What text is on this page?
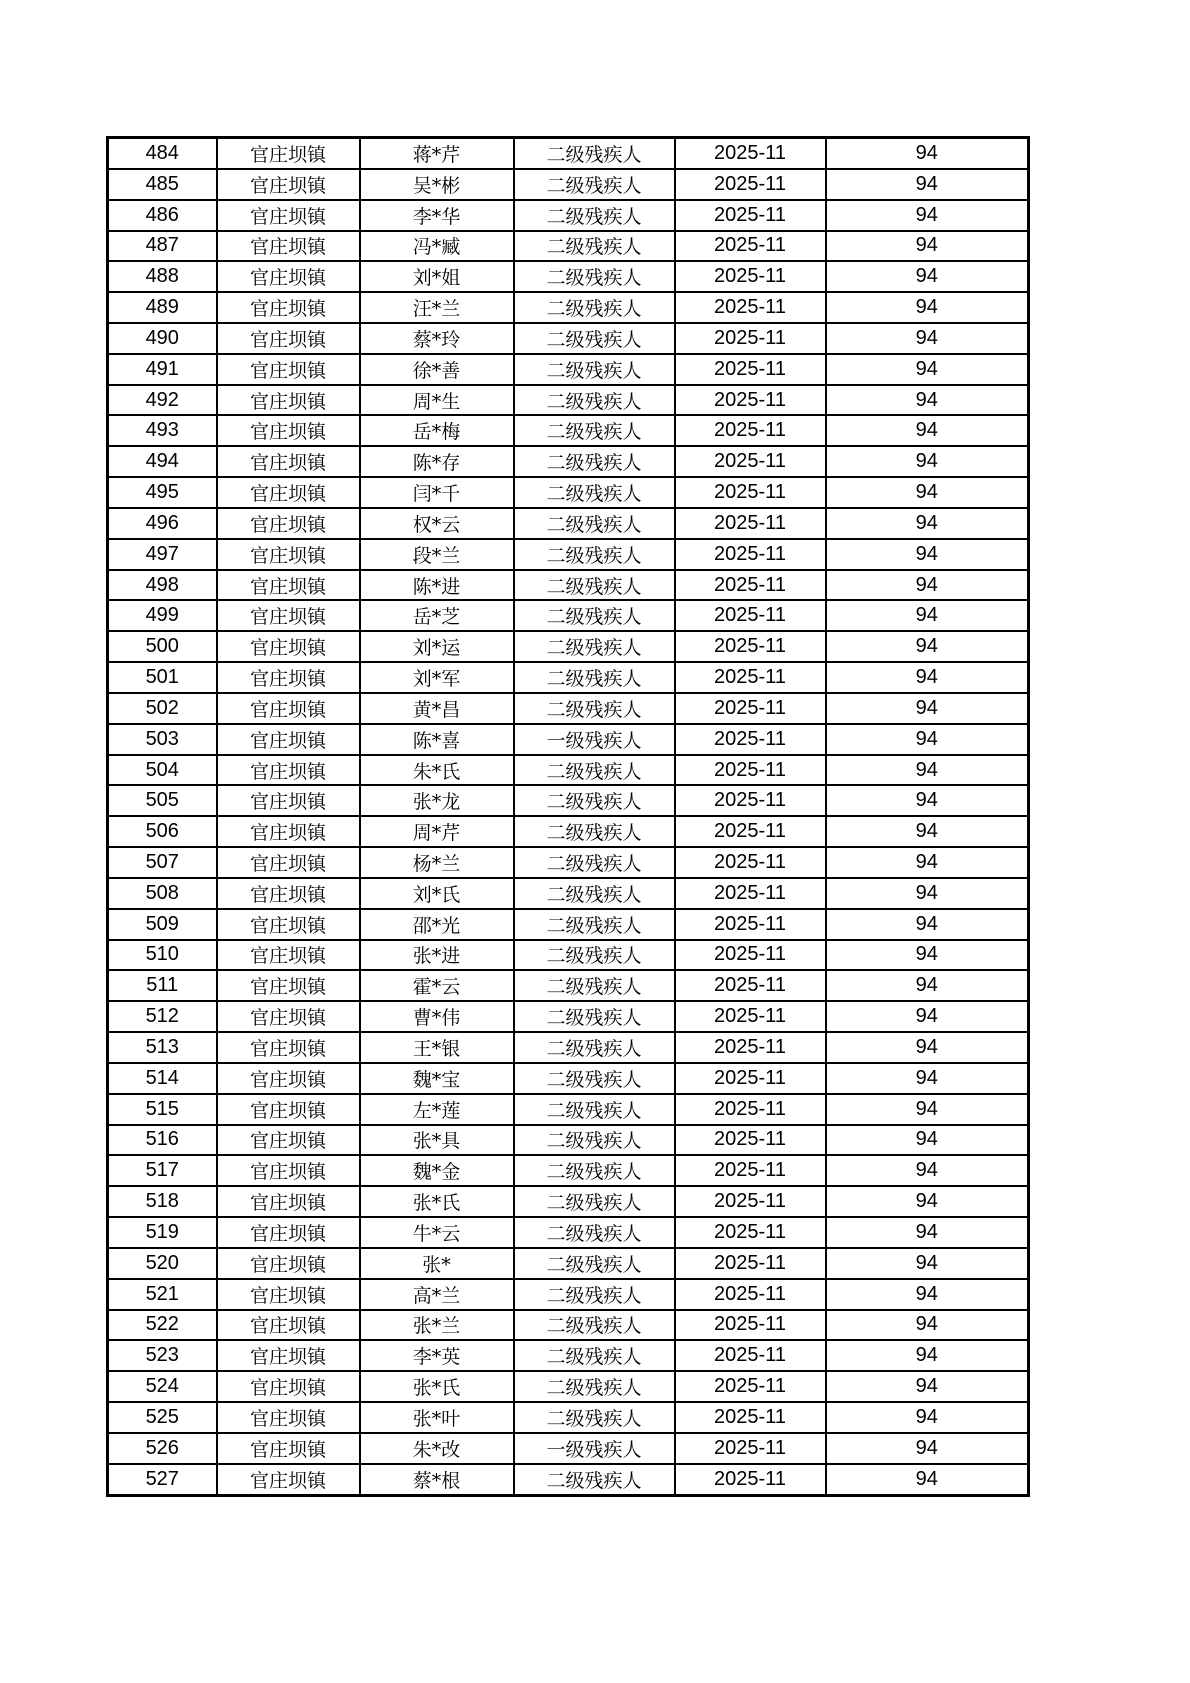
484	官庄坝镇	蒋*芹	二级残疾人	2025-11	94
485	官庄坝镇	吴*彬	二级残疾人	2025-11	94
486	官庄坝镇	李*华	二级残疾人	2025-11	94
487	官庄坝镇	冯*臧	二级残疾人	2025-11	94
488	官庄坝镇	刘*姐	二级残疾人	2025-11	94
489	官庄坝镇	汪*兰	二级残疾人	2025-11	94
490	官庄坝镇	蔡*玲	二级残疾人	2025-11	94
491	官庄坝镇	徐*善	二级残疾人	2025-11	94
492	官庄坝镇	周*生	二级残疾人	2025-11	94
493	官庄坝镇	岳*梅	二级残疾人	2025-11	94
494	官庄坝镇	陈*存	二级残疾人	2025-11	94
495	官庄坝镇	闫*千	二级残疾人	2025-11	94
496	官庄坝镇	权*云	二级残疾人	2025-11	94
497	官庄坝镇	段*兰	二级残疾人	2025-11	94
498	官庄坝镇	陈*进	二级残疾人	2025-11	94
499	官庄坝镇	岳*芝	二级残疾人	2025-11	94
500	官庄坝镇	刘*运	二级残疾人	2025-11	94
501	官庄坝镇	刘*军	二级残疾人	2025-11	94
502	官庄坝镇	黄*昌	二级残疾人	2025-11	94
503	官庄坝镇	陈*喜	一级残疾人	2025-11	94
504	官庄坝镇	朱*氏	二级残疾人	2025-11	94
505	官庄坝镇	张*龙	二级残疾人	2025-11	94
506	官庄坝镇	周*芹	二级残疾人	2025-11	94
507	官庄坝镇	杨*兰	二级残疾人	2025-11	94
508	官庄坝镇	刘*氏	二级残疾人	2025-11	94
509	官庄坝镇	邵*光	二级残疾人	2025-11	94
510	官庄坝镇	张*进	二级残疾人	2025-11	94
511	官庄坝镇	霍*云	二级残疾人	2025-11	94
512	官庄坝镇	曹*伟	二级残疾人	2025-11	94
513	官庄坝镇	王*银	二级残疾人	2025-11	94
514	官庄坝镇	魏*宝	二级残疾人	2025-11	94
515	官庄坝镇	左*莲	二级残疾人	2025-11	94
516	官庄坝镇	张*具	二级残疾人	2025-11	94
517	官庄坝镇	魏*金	二级残疾人	2025-11	94
518	官庄坝镇	张*氏	二级残疾人	2025-11	94
519	官庄坝镇	牛*云	二级残疾人	2025-11	94
520	官庄坝镇	张*	二级残疾人	2025-11	94
521	官庄坝镇	高*兰	二级残疾人	2025-11	94
522	官庄坝镇	张*兰	二级残疾人	2025-11	94
523	官庄坝镇	李*英	二级残疾人	2025-11	94
524	官庄坝镇	张*氏	二级残疾人	2025-11	94
525	官庄坝镇	张*叶	二级残疾人	2025-11	94
526	官庄坝镇	朱*改	一级残疾人	2025-11	94
527	官庄坝镇	蔡*根	二级残疾人	2025-11	94
